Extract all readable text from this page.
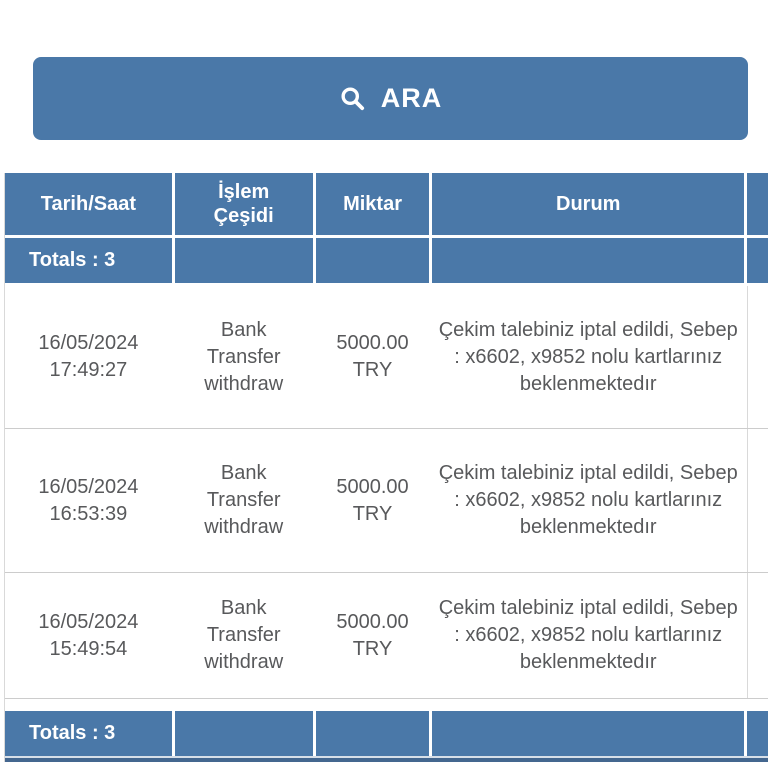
ARA
Tarih/Saat
İşlem Çeşidi
Miktar	Durum
Totals : 3
16/05/2024
17:49:27
Bank Transfer withdraw
5000.00 TRY
Çekim talebiniz iptal edildi, Sebep : x6602, x9852 nolu kartlarınız beklenmektedır
16/05/2024
16:53:39
Bank Transfer withdraw
5000.00 TRY
Çekim talebiniz iptal edildi, Sebep : x6602, x9852 nolu kartlarınız beklenmektedır
16/05/2024
15:49:54
Bank Transfer withdraw
5000.00 TRY
Çekim talebiniz iptal edildi, Sebep : x6602, x9852 nolu kartlarınız beklenmektedır
Totals : 3
